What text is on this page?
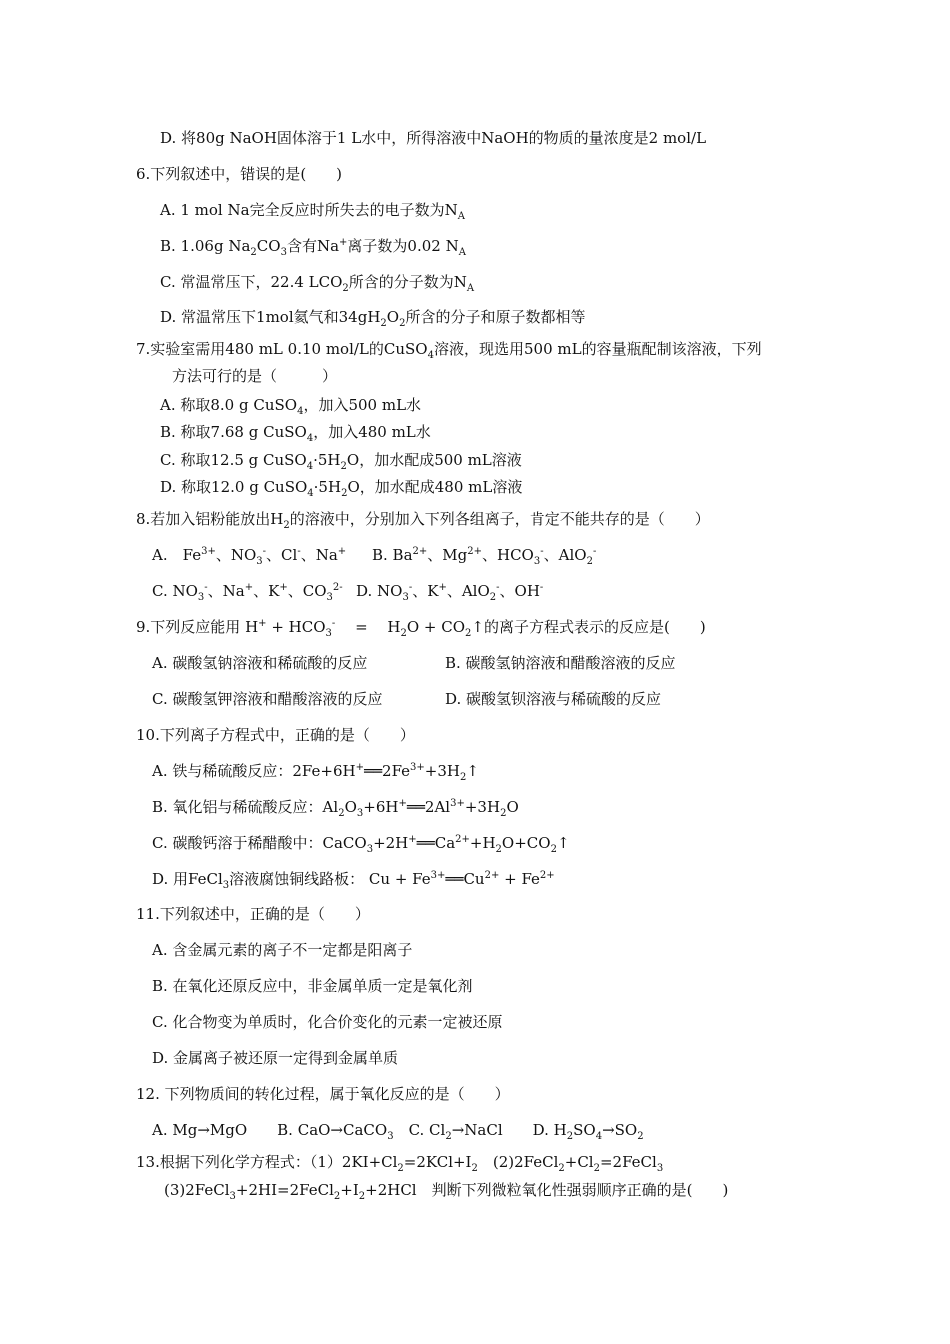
D. 将80g NaOH固体溶于1 L水中，所得溶液中NaOH的物质的量浓度是2 mol/L
6.下列叙述中，错误的是(　　)
A. 1 mol Na完全反应时所失去的电子数为$N_A$
B. 1.06g $Na_2CO_3$含有Na+离子数为0.02 $N_A$
C. 常温常压下，22.4 $LCO_2$所含的分子数为$N_A$
D. 常温常压下1mol氦气和$34gH_2O_2$所含的分子和原子数都相等
7.实验室需用480 mL 0.10 mol/L的CuSO$_4$溶液，现选用500 mL的容量瓶配制该溶液，下列
方法可行的是（　　　）
A. 称取8.0 g CuSO$_4$，加入500 mL水
B. 称取7.68 g CuSO$_4$，加入480 mL水
C. 称取12.5 g $CuSO_4\cdot 5H_2O$，加水配成500 mL溶液
D. 称取12.0 g $CuSO_4\cdot 5H_2O$，加水配成480 mL溶液
8.若加入铝粉能放出$H_2$的溶液中，分别加入下列各组离子，肯定不能共存的是（　　）
A.　$Fe^{3+}$、$NO_3^-$、Cl-、Na+ B. $Ba^{2+}$、$Mg^{2+}$、$HCO_3^-$、AlO$_2$-
C. $NO_3^-$、Na+、K+、$CO_3^{2-}$ D. $NO_3^-$、K+、AlO$_2$-、OH-
9.下列反应能用 $H^+ + HCO_3^-$ 　= 　$H_2O$ + $CO_2↑$的离子方程式表示的反应是(　　)
A. 碳酸氢钠溶液和稀硫酸的反应	B. 碳酸氢钠溶液和醋酸溶液的反应
C. 碳酸氢钾溶液和醋酸溶液的反应	D. 碳酸氢钡溶液与稀硫酸的反应
10.下列离子方程式中，正确的是（　　）
A. 铁与稀硫酸反应：$2Fe+6H^+══2Fe^{3+}+3H_2↑$
B. 氧化铝与稀硫酸反应：$Al_2O_3+6H^+══2Al^{3+}+3H_2O$
C. 碳酸钙溶于稀醋酸中：$CaCO_3+2H^+══Ca^{2+}+H_2O+CO_2↑$
D. 用FeCl$_3$溶液腐蚀铜线路板： $Cu + Fe^{3+}══Cu^{2+} + Fe^{2+}$
11.下列叙述中，正确的是（　　）
A. 含金属元素的离子不一定都是阳离子
B. 在氧化还原反应中，非金属单质一定是氧化剂
C. 化合物变为单质时，化合价变化的元素一定被还原
D. 金属离子被还原一定得到金属单质
12. 下列物质间的转化过程，属于氧化反应的是（　　）
A. Mg→MgO　　B. CaO→CaCO$_3$　C. $Cl_2\to NaCl$　　D. $H_2SO_4\to SO_2$
13.根据下列化学方程式：$(1)2KI+Cl_2=2KCl+I_2$　$(2)2FeCl_2+Cl_2=2FeCl_3$
$(3)2FeCl_3+2HI=2FeCl_2+I_2+2HCl$　判断下列微粒氧化性强弱顺序正确的是(　　)
